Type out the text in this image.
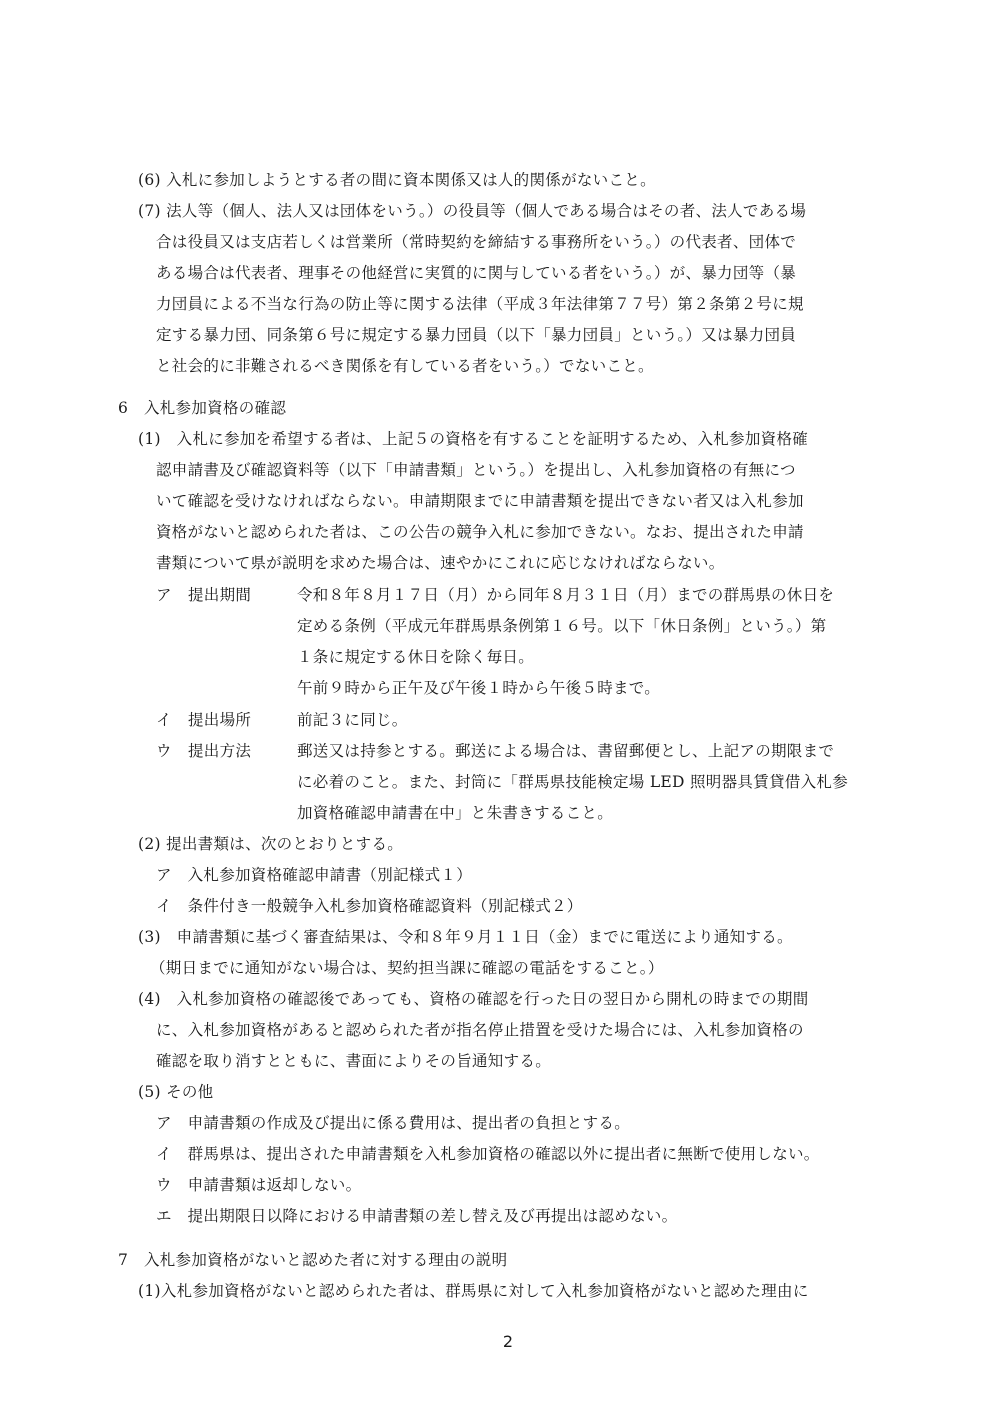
(6) 入札に参加しようとする者の間に資本関係又は人的関係がないこと。
(7) 法人等（個人、法人又は団体をいう。）の役員等（個人である場合はその者、法人である場
合は役員又は支店若しくは営業所（常時契約を締結する事務所をいう。）の代表者、団体で
ある場合は代表者、理事その他経営に実質的に関与している者をいう。）が、暴力団等（暴
力団員による不当な行為の防止等に関する法律（平成３年法律第７７号）第２条第２号に規
定する暴力団、同条第６号に規定する暴力団員（以下「暴力団員」という。）又は暴力団員
と社会的に非難されるべき関係を有している者をいう。）でないこと。
6　入札参加資格の確認
(1)　入札に参加を希望する者は、上記５の資格を有することを証明するため、入札参加資格確
認申請書及び確認資料等（以下「申請書類」という。）を提出し、入札参加資格の有無につ
いて確認を受けなければならない。申請期限までに申請書類を提出できない者又は入札参加
資格がないと認められた者は、この公告の競争入札に参加できない。なお、提出された申請
書類について県が説明を求めた場合は、速やかにこれに応じなければならない。
ア 提出期間	令和８年８月１７日（月）から同年８月３１日（月）までの群馬県の休日を
定める条例（平成元年群馬県条例第１６号。以下「休日条例」という。）第
１条に規定する休日を除く毎日。
午前９時から正午及び午後１時から午後５時まで。
イ 提出場所	前記３に同じ。
ウ 提出方法	郵送又は持参とする。郵送による場合は、書留郵便とし、上記アの期限まで
に必着のこと。また、封筒に「群馬県技能検定場 LED 照明器具賃貸借入札参
加資格確認申請書在中」と朱書きすること。
(2) 提出書類は、次のとおりとする。
ア　入札参加資格確認申請書（別記様式１）
イ　条件付き一般競争入札参加資格確認資料（別記様式２）
(3)　申請書類に基づく審査結果は、令和８年９月１１日（金）までに電送により通知する。
（期日までに通知がない場合は、契約担当課に確認の電話をすること。）
(4)　入札参加資格の確認後であっても、資格の確認を行った日の翌日から開札の時までの期間
に、入札参加資格があると認められた者が指名停止措置を受けた場合には、入札参加資格の
確認を取り消すとともに、書面によりその旨通知する。
(5) その他
ア　申請書類の作成及び提出に係る費用は、提出者の負担とする。
イ　群馬県は、提出された申請書類を入札参加資格の確認以外に提出者に無断で使用しない。
ウ　申請書類は返却しない。
エ　提出期限日以降における申請書類の差し替え及び再提出は認めない。
7　入札参加資格がないと認めた者に対する理由の説明
(1)入札参加資格がないと認められた者は、群馬県に対して入札参加資格がないと認めた理由に
2
